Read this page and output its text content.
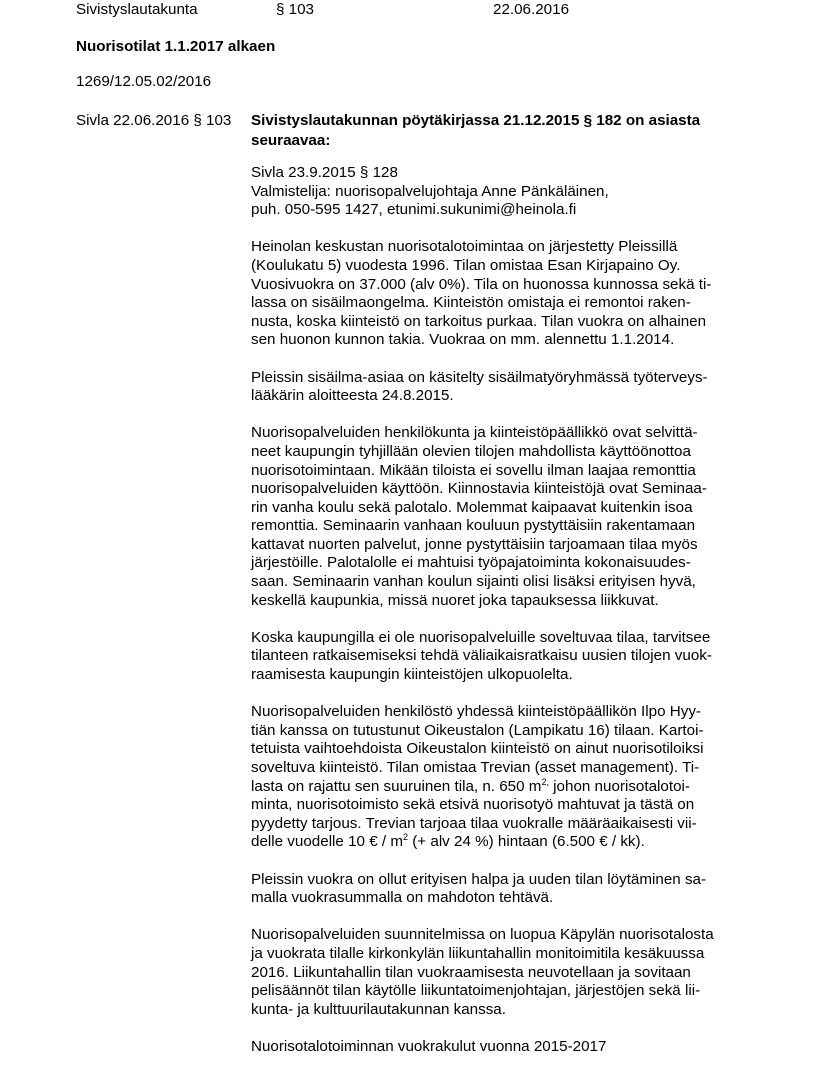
Sivistyslautakunta	§ 103	22.06.2016
Nuorisotilat 1.1.2017 alkaen
1269/12.05.02/2016
Sivla 22.06.2016 § 103 Sivistyslautakunnan pöytäkirjassa 21.12.2015 § 182 on asiasta
seuraavaa:

Sivla 23.9.2015 § 128
Valmistelija: nuorisopalvelujohtaja Anne Pänkäläinen,
puh. 050-595 1427, etunimi.sukunimi@heinola.fi

Heinolan keskustan nuorisotalotoimintaa on järjestetty Pleissillä
(Koulukatu 5) vuodesta 1996. Tilan omistaa Esan Kirjapaino Oy.
Vuosivuokra on 37.000 (alv 0%). Tila on huonossa kunnossa sekä ti-
lassa on sisäilmaongelma. Kiinteistön omistaja ei remontoi raken-
nusta, koska kiinteistö on tarkoitus purkaa. Tilan vuokra on alhainen
sen huonon kunnon takia. Vuokraa on mm. alennettu 1.1.2014.

Pleissin sisäilma-asiaa on käsitelty sisäilmatyöryhmässä työterveys-
lääkärin aloitteesta 24.8.2015.

Nuorisopalveluiden henkilökunta ja kiinteistöpäällikkö ovat selvittä-
neet kaupungin tyhjillään olevien tilojen mahdollista käyttöönottoa
nuorisotoimintaan. Mikään tiloista ei sovellu ilman laajaa remonttia
nuorisopalveluiden käyttöön. Kiinnostavia kiinteistöjä ovat Seminaa-
rin vanha koulu sekä palotalo. Molemmat kaipaavat kuitenkin isoa
remonttia. Seminaarin vanhaan kouluun pystyttäisiin rakentamaan
kattavat nuorten palvelut, jonne pystyttäisiin tarjoamaan tilaa myös
järjestöille. Palotalolle ei mahtuisi työpajatoiminta kokonaisuudes-
saan. Seminaarin vanhan koulun sijainti olisi lisäksi erityisen hyvä,
keskellä kaupunkia, missä nuoret joka tapauksessa liikkuvat.

Koska kaupungilla ei ole nuorisopalveluille soveltuvaa tilaa, tarvitsee
tilanteen ratkaisemiseksi tehdä väliaikaisratkaisu uusien tilojen vuok-
raamisesta kaupungin kiinteistöjen ulkopuolelta.

Nuorisopalveluiden henkilöstö yhdessä kiinteistöpäällikön Ilpo Hyy-
tiän kanssa on tutustunut Oikeustalon (Lampikatu 16) tilaan. Kartoi-
tetuista vaihtoehdoista Oikeustalon kiinteistö on ainut nuorisotiloiksi
soveltuva kiinteistö. Tilan omistaa Trevian (asset management). Ti-
lasta on rajattu sen suuruinen tila, n. 650 $m^{2,}$ johon nuorisotalotoi-
minta, nuorisotoimisto sekä etsivä nuorisotyö mahtuvat ja tästä on
pyydetty tarjous. Trevian tarjoaa tilaa vuokralle määräaikaisesti vii-
delle vuodelle 10 € / $m^2$ (+ alv 24 %) hintaan (6.500 € / kk).

Pleissin vuokra on ollut erityisen halpa ja uuden tilan löytäminen sa-
malla vuokrasummalla on mahdoton tehtävä.

Nuorisopalveluiden suunnitelmissa on luopua Käpylän nuorisotalosta
ja vuokrata tilalle kirkonkylän liikuntahallin monitoimitila kesäkuussa
2016. Liikuntahallin tilan vuokraamisesta neuvotellaan ja sovitaan
pelisäännöt tilan käytölle liikuntatoimenjohtajan, järjestöjen sekä lii-
kunta- ja kulttuurilautakunnan kanssa.

Nuorisotalotoiminnan vuokrakulut vuonna 2015-2017
